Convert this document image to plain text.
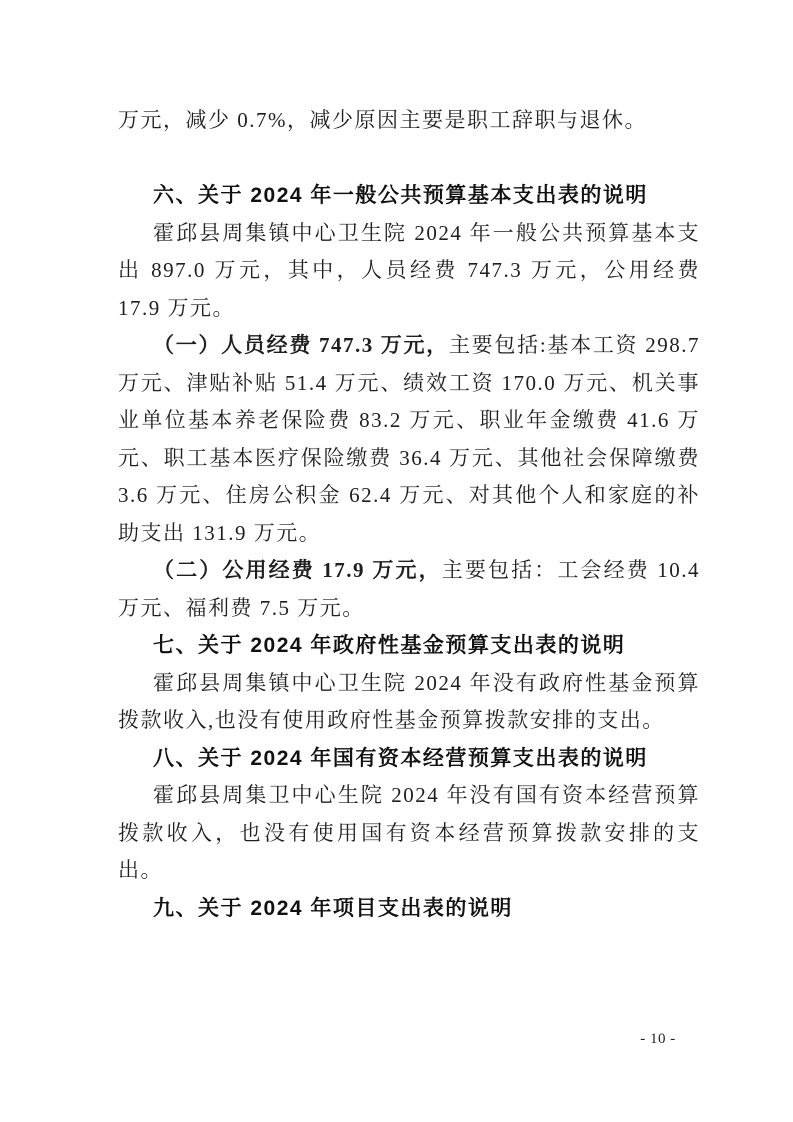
万元，减少 0.7%，减少原因主要是职工辞职与退休。

六、关于 2024 年一般公共预算基本支出表的说明

霍邱县周集镇中心卫生院 2024 年一般公共预算基本支出 897.0 万元，其中，人员经费 747.3 万元，公用经费 17.9 万元。

（一）人员经费 747.3 万元，主要包括:基本工资 298.7 万元、津贴补贴 51.4 万元、绩效工资 170.0 万元、机关事业单位基本养老保险费 83.2 万元、职业年金缴费 41.6 万元、职工基本医疗保险缴费 36.4 万元、其他社会保障缴费 3.6 万元、住房公积金 62.4 万元、对其他个人和家庭的补助支出 131.9 万元。

（二）公用经费 17.9 万元，主要包括：工会经费 10.4 万元、福利费 7.5 万元。

七、关于 2024 年政府性基金预算支出表的说明

霍邱县周集镇中心卫生院 2024 年没有政府性基金预算拨款收入,也没有使用政府性基金预算拨款安排的支出。

八、关于 2024 年国有资本经营预算支出表的说明

霍邱县周集卫中心生院 2024 年没有国有资本经营预算拨款收入，也没有使用国有资本经营预算拨款安排的支出。

九、关于 2024 年项目支出表的说明

- 10 -
